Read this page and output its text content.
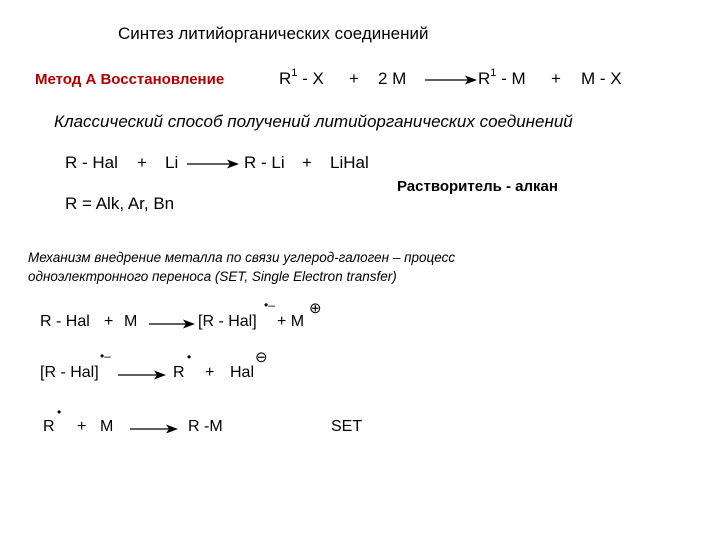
Синтез литийорганических соединений
Метод А Восстановление	$R^1 - X + 2$ M	$R^1 - M + M - X$
Классический способ получений литийорганических соединений
R - Hal + Li	R - Li + LiHal
R = Alk, Ar, Bn
Растворитель - алкан
Механизм внедрение металла по связи углерод-галоген – процесс
одноэлектронного переноса (SET, Single Electron transfer)
R - Hal + M	[R - Hal]
•–
+ M
⊕
[R - Hal]
•–
R
•
+ Hal
⊖
R
•
+ M	R -M	SET
